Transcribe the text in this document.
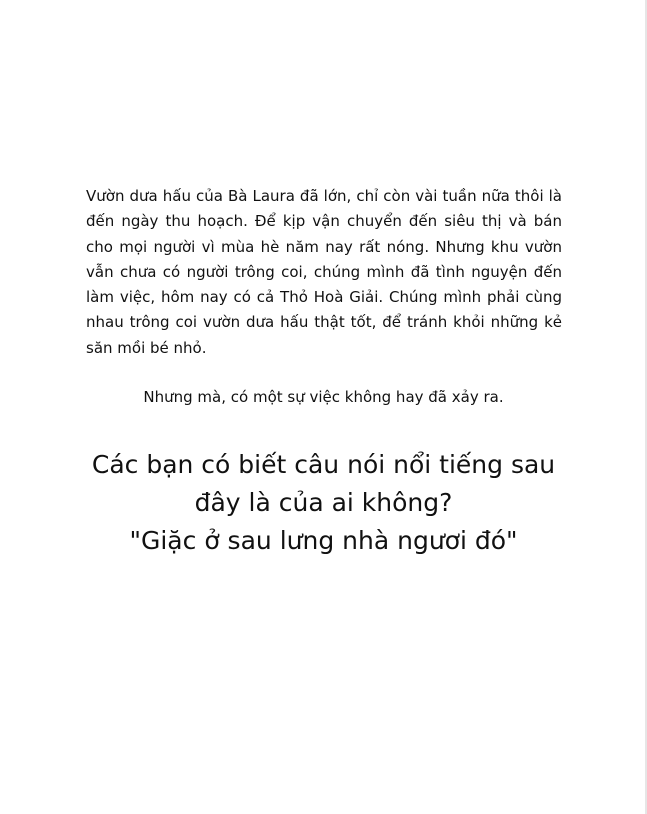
Vườn dưa hấu của Bà Laura đã lớn, chỉ còn vài tuần nữa thôi là đến ngày thu hoạch. Để kịp vận chuyển đến siêu thị và bán cho mọi người vì mùa hè năm nay rất nóng. Nhưng khu vườn vẫn chưa có người trông coi, chúng mình đã tình nguyện đến làm việc, hôm nay có cả Thỏ Hoà Giải. Chúng mình phải cùng nhau trông coi vườn dưa hấu thật tốt, để tránh khỏi những kẻ săn mồi bé nhỏ.

Nhưng mà, có một sự việc không hay đã xảy ra.
Các bạn có biết câu nói nổi tiếng sau
đây là của ai không?
"Giặc ở sau lưng nhà ngươi đó"
